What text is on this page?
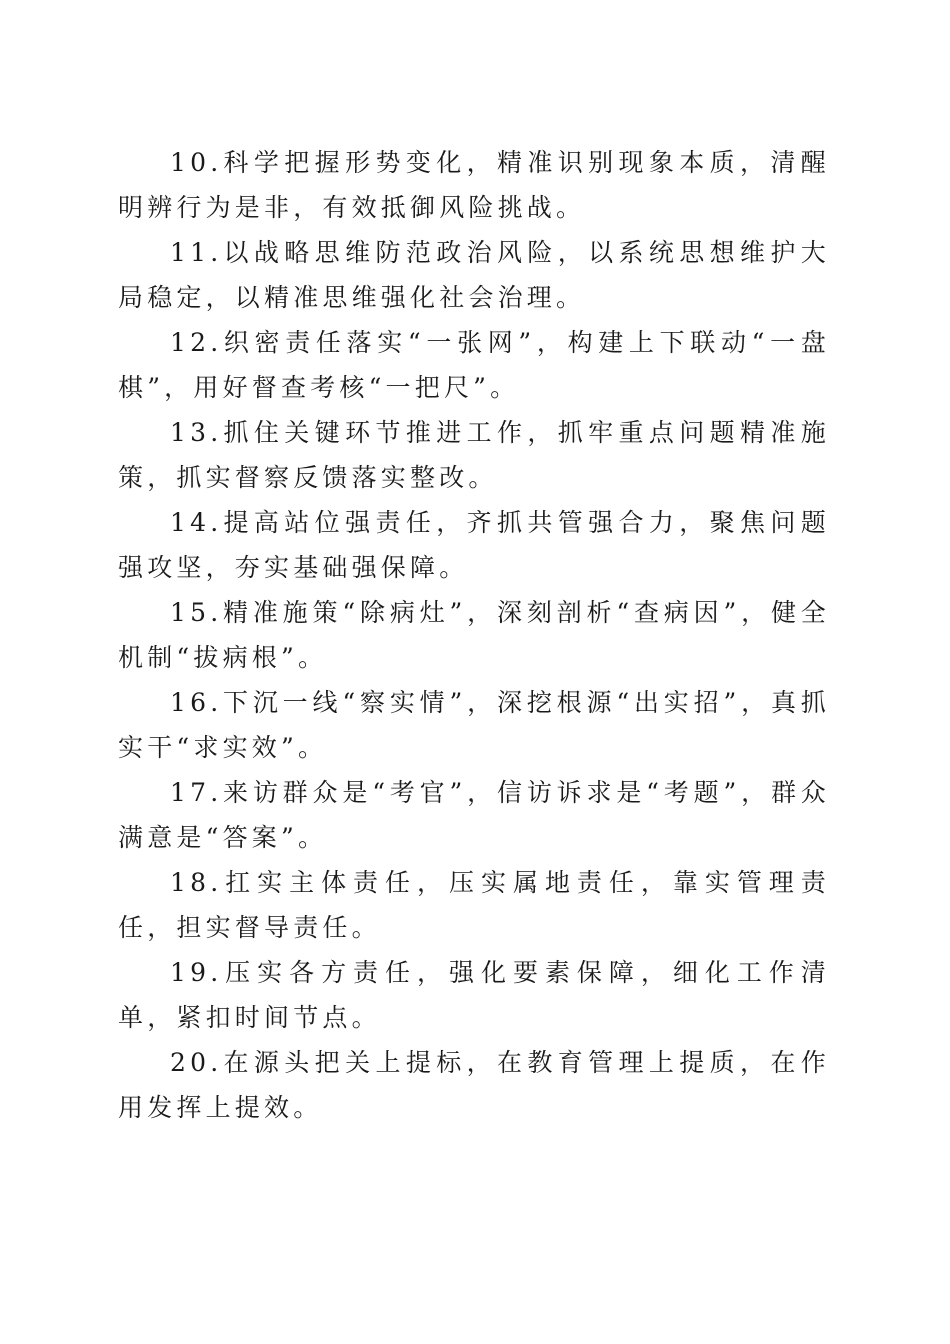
10.科学把握形势变化，精准识别现象本质，清醒明辨行为是非，有效抵御风险挑战。

11.以战略思维防范政治风险，以系统思想维护大局稳定，以精准思维强化社会治理。

12.织密责任落实“一张网”，构建上下联动“一盘棋”，用好督查考核“一把尺”。

13.抓住关键环节推进工作，抓牢重点问题精准施策，抓实督察反馈落实整改。

14.提高站位强责任，齐抓共管强合力，聚焦问题强攻坚，夯实基础强保障。

15.精准施策“除病灶”，深刻剖析“查病因”，健全机制“拔病根”。

16.下沉一线“察实情”，深挖根源“出实招”，真抓实干“求实效”。

17.来访群众是“考官”，信访诉求是“考题”，群众满意是“答案”。

18.扛实主体责任，压实属地责任，靠实管理责任，担实督导责任。

19.压实各方责任，强化要素保障，细化工作清单，紧扣时间节点。

20.在源头把关上提标，在教育管理上提质，在作用发挥上提效。
